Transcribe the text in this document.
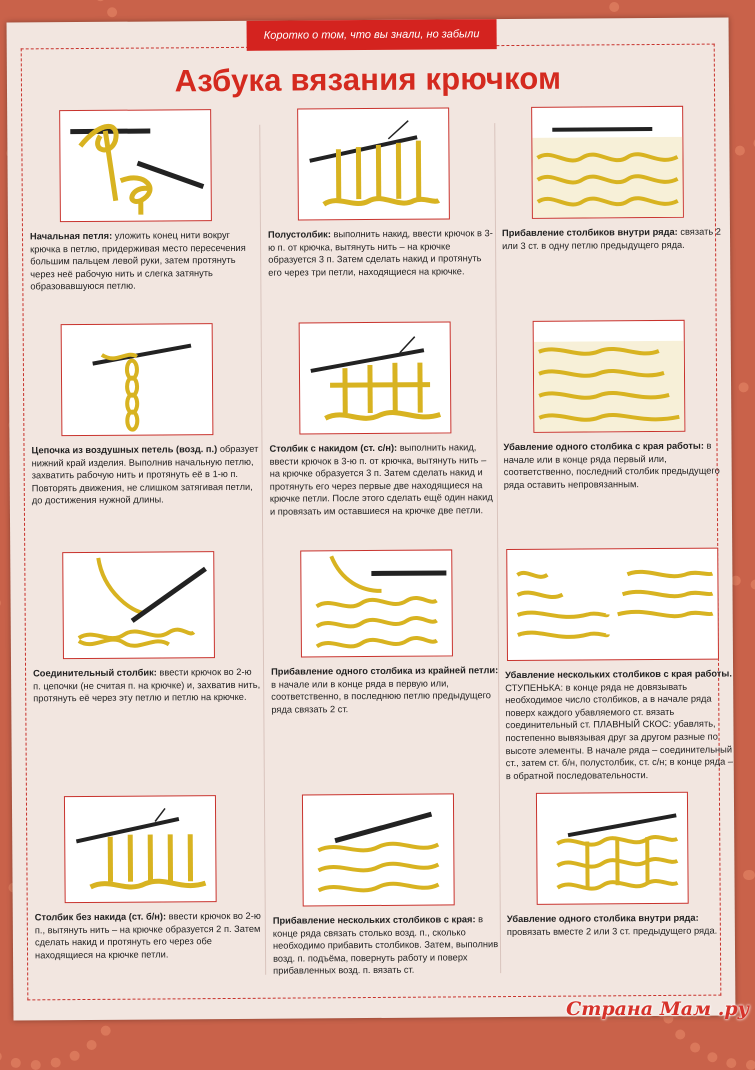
Коротко о том, что вы знали, но забыли
Азбука вязания крючком
Начальная петля: уложить конец нити вокруг крючка в петлю, придерживая место пересечения большим пальцем левой руки, затем протянуть через неё рабочую нить и слегка затянуть образовавшуюся петлю.
Полустолбик: выполнить накид, ввести крючок в 3-ю п. от крючка, вытянуть нить – на крючке образуется 3 п. Затем сделать накид и протянуть его через три петли, находящиеся на крючке.
Прибавление столбиков внутри ряда: связать 2 или 3 ст. в одну петлю предыдущего ряда.
Цепочка из воздушных петель (возд. п.) образует нижний край изделия. Выполнив начальную петлю, захватить рабочую нить и протянуть её в 1-ю п. Повторять движения, не слишком затягивая петли, до достижения нужной длины.
Столбик с накидом (ст. с/н): выполнить накид, ввести крючок в 3-ю п. от крючка, вытянуть нить – на крючке образуется 3 п. Затем сделать накид и протянуть его через первые две находящиеся на крючке петли. После этого сделать ещё один накид и провязать им оставшиеся на крючке две петли.
Убавление одного столбика с края работы: в начале или в конце ряда первый или, соответственно, последний столбик предыдущего ряда оставить непровязанным.
Соединительный столбик: ввести крючок во 2-ю п. цепочки (не считая п. на крючке) и, захватив нить, протянуть её через эту петлю и петлю на крючке.
Прибавление одного столбика из крайней петли: в начале или в конце ряда в первую или, соответственно, в последнюю петлю предыдущего ряда связать 2 ст.
Убавление нескольких столбиков с края работы. СТУПЕНЬКА: в конце ряда не довязывать необходимое число столбиков, а в начале ряда поверх каждого убавляемого ст. вязать соединительный ст. ПЛАВНЫЙ СКОС: убавлять, постепенно вывязывая друг за другом разные по высоте элементы. В начале ряда – соединительный ст., затем ст. б/н, полустолбик, ст. с/н; в конце ряда – в обратной последовательности.
Столбик без накида (ст. б/н): ввести крючок во 2-ю п., вытянуть нить – на крючке образуется 2 п. Затем сделать накид и протянуть его через обе находящиеся на крючке петли.
Прибавление нескольких столбиков с края: в конце ряда связать столько возд. п., сколько необходимо прибавить столбиков. Затем, выполнив возд. п. подъёма, повернуть работу и поверх прибавленных возд. п. вязать ст.
Убавление одного столбика внутри ряда: провязать вместе 2 или 3 ст. предыдущего ряда.
Страна Мам .ру
